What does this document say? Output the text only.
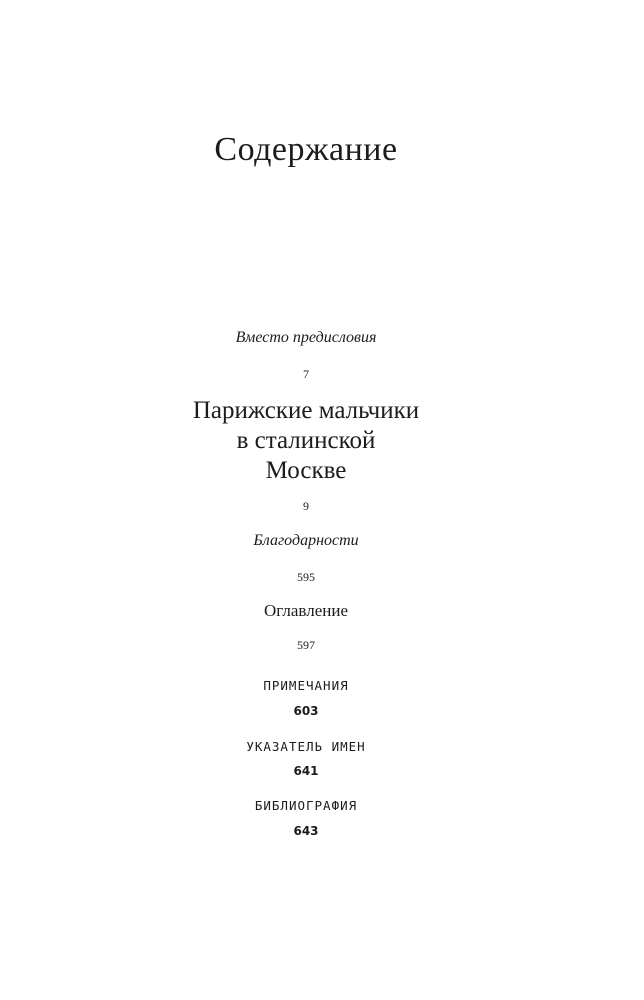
Содержание
Вместо предисловия
7
Парижские мальчики
в сталинской
Москве
9
Благодарности
595
Оглавление
597
ПРИМЕЧАНИЯ
603
УКАЗАТЕЛЬ ИМЕН
641
БИБЛИОГРАФИЯ
643
